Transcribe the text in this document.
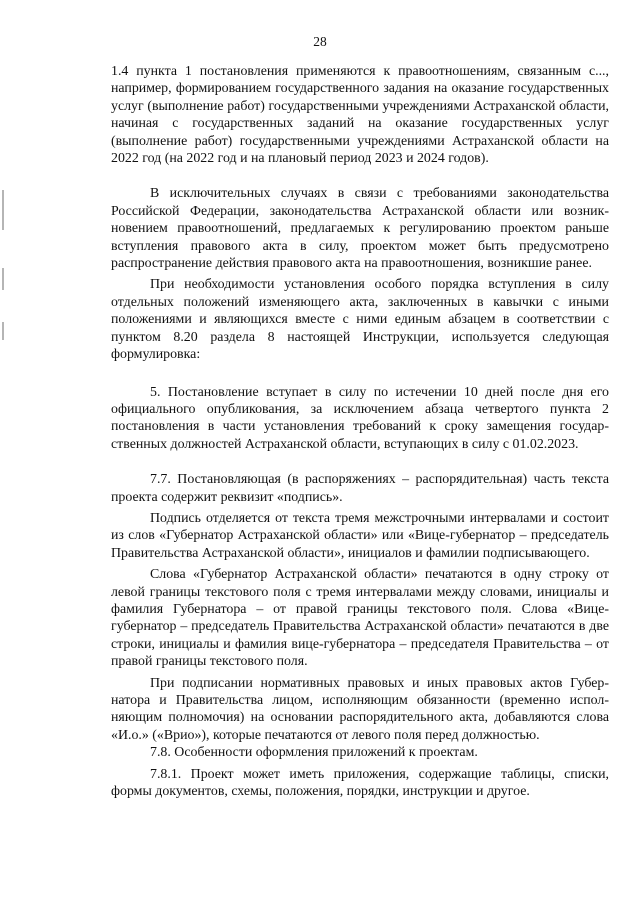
28

1.4 пункта 1 постановления применяются к правоотношениям, связанным с..., например, формированием государственного задания на оказание государственных услуг (выполнение работ) государственными учреждениями Астраханской области, начиная с государственных заданий на оказание государственных услуг (выполнение работ) государственными учреждениями Астраханской области на 2022 год (на 2022 год и на плановый период 2023 и 2024 годов).

В исключительных случаях в связи с требованиями законодательства Российской Федерации, законодательства Астраханской области или возникновением правоотношений, предлагаемых к регулированию проектом раньше вступления правового акта в силу, проектом может быть предусмотрено распространение действия правового акта на правоотношения, возникшие ранее.

При необходимости установления особого порядка вступления в силу отдельных положений изменяющего акта, заключенных в кавычки с иными положениями и являющихся вместе с ними единым абзацем в соответствии с пунктом 8.20 раздела 8 настоящей Инструкции, используется следующая формулировка:

5. Постановление вступает в силу по истечении 10 дней после дня его официального опубликования, за исключением абзаца четвертого пункта 2 постановления в части установления требований к сроку замещения государственных должностей Астраханской области, вступающих в силу с 01.02.2023.

7.7. Постановляющая (в распоряжениях – распорядительная) часть текста проекта содержит реквизит «подпись».

Подпись отделяется от текста тремя межстрочными интервалами и состоит из слов «Губернатор Астраханской области» или «Вице-губернатор – председатель Правительства Астраханской области», инициалов и фамилии подписывающего.

Слова «Губернатор Астраханской области» печатаются в одну строку от левой границы текстового поля с тремя интервалами между словами, инициалы и фамилия Губернатора – от правой границы текстового поля. Слова «Вице-губернатор – председатель Правительства Астраханской области» печатаются в две строки, инициалы и фамилия вице-губернатора – председателя Правительства – от правой границы текстового поля.

При подписании нормативных правовых и иных правовых актов Губернатора и Правительства лицом, исполняющим обязанности (временно исполняющим полномочия) на основании распорядительного акта, добавляются слова «И.о.» («Врио»), которые печатаются от левого поля перед должностью.

7.8. Особенности оформления приложений к проектам.

7.8.1. Проект может иметь приложения, содержащие таблицы, списки, формы документов, схемы, положения, порядки, инструкции и другое.
